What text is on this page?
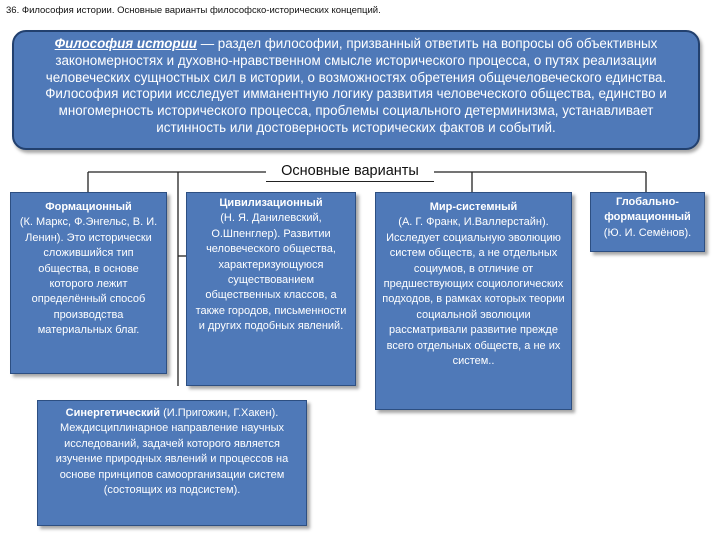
36. Философия истории. Основные варианты философско-исторических концепций.
Философия истории — раздел философии, призванный ответить на вопросы об объективных закономерностях и духовно-нравственном смысле исторического процесса, о путях реализации человеческих сущностных сил в истории, о возможностях обретения общечеловеческого единства. Философия истории исследует имманентную логику развития человеческого общества, единство и многомерность исторического процесса, проблемы социального детерминизма, устанавливает истинность или достоверность исторических фактов и событий.
Основные варианты
Формационный
(К. Маркс, Ф.Энгельс, В. И. Ленин). Это исторически сложившийся тип общества, в основе которого лежит определённый способ производства материальных благ.
Цивилизационный
(Н. Я. Данилевский, О.Шпенглер). Развитии человеческого общества, характеризующуюся существованием общественных классов, а также городов, письменности и других подобных явлений.
Мир-системный
(А. Г. Франк, И.Валлерстайн). Исследует социальную эволюцию систем обществ, а не отдельных социумов, в отличие от предшествующих социологических подходов, в рамках которых теории социальной эволюции рассматривали развитие прежде всего отдельных обществ, а не их систем..
Глобально-формационный
(Ю. И. Семёнов).
Синергетический (И.Пригожин, Г.Хакен). Междисциплинарное направление научных исследований, задачей которого является изучение природных явлений и процессов на основе принципов самоорганизации систем (состоящих из подсистем).
